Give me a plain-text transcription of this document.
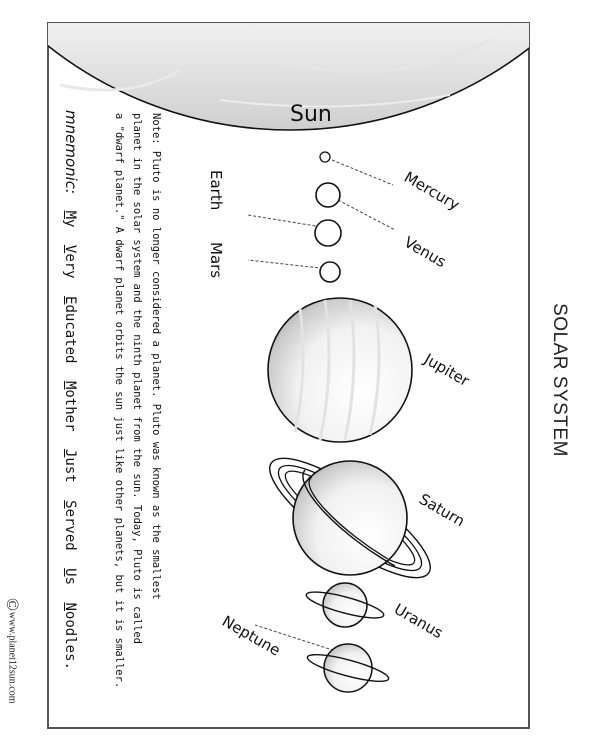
SOLAR SYSTEM
Sun
Mercury
Venus
Earth
Mars
Jupiter
Saturn
Uranus
Neptune
Note: Pluto is no longer considered a planet. Pluto was known as the smallest
planet in the solar system and the ninth planet from the sun. Today, Pluto is called
a "dwarf planet." A dwarf planet orbits the sun just like other planets, but it is smaller.
mnemonic: My Very Educated Mother Just Served Us Noodles.
©www.planet12sun.com
